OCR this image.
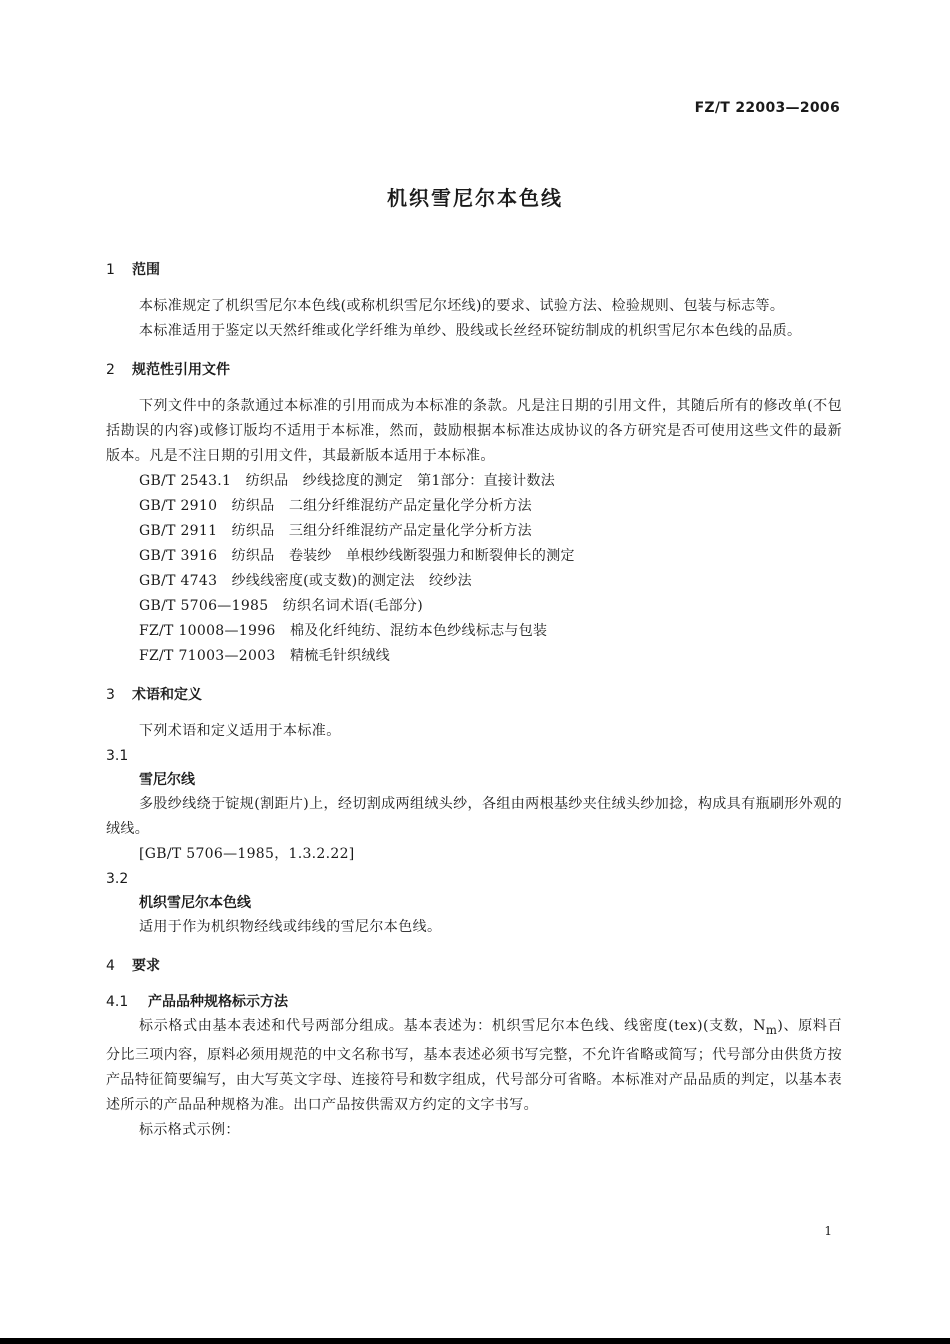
FZ/T 22003—2006
机织雪尼尔本色线
1 范围

本标准规定了机织雪尼尔本色线(或称机织雪尼尔坯线)的要求、试验方法、检验规则、包装与标志等。

本标准适用于鉴定以天然纤维或化学纤维为单纱、股线或长丝经环锭纺制成的机织雪尼尔本色线的品质。

2 规范性引用文件

下列文件中的条款通过本标准的引用而成为本标准的条款。凡是注日期的引用文件，其随后所有的修改单(不包括勘误的内容)或修订版均不适用于本标准，然而，鼓励根据本标准达成协议的各方研究是否可使用这些文件的最新版本。凡是不注日期的引用文件，其最新版本适用于本标准。

GB/T 2543.1　 纺织品　纱线捻度的测定　第1部分：直接计数法

GB/T 2910　 纺织品　二组分纤维混纺产品定量化学分析方法

GB/T 2911　 纺织品　三组分纤维混纺产品定量化学分析方法

GB/T 3916　 纺织品　卷装纱　单根纱线断裂强力和断裂伸长的测定

GB/T 4743　 纱线线密度(或支数)的测定法　绞纱法

GB/T 5706—1985　 纺织名词术语(毛部分)

FZ/T 10008—1996　 棉及化纤纯纺、混纺本色纱线标志与包装

FZ/T 71003—2003　 精梳毛针织绒线

3 术语和定义

下列术语和定义适用于本标准。

3.1
雪尼尔线

多股纱线绕于锭规(割距片)上，经切割成两组绒头纱，各组由两根基纱夹住绒头纱加捻，构成具有瓶刷形外观的绒线。

[GB/T 5706—1985，1.3.2.22]

3.2
机织雪尼尔本色线

适用于作为机织物经线或纬线的雪尼尔本色线。

4 要求
4.1 产品品种规格标示方法

标示格式由基本表述和代号两部分组成。基本表述为：机织雪尼尔本色线、线密度(tex)(支数，$N_m$)、原料百分比三项内容，原料必须用规范的中文名称书写，基本表述必须书写完整，不允许省略或简写；代号部分由供货方按产品特征简要编写，由大写英文字母、连接符号和数字组成，代号部分可省略。本标准对产品品质的判定，以基本表述所示的产品品种规格为准。出口产品按供需双方约定的文字书写。

标示格式示例：

1
